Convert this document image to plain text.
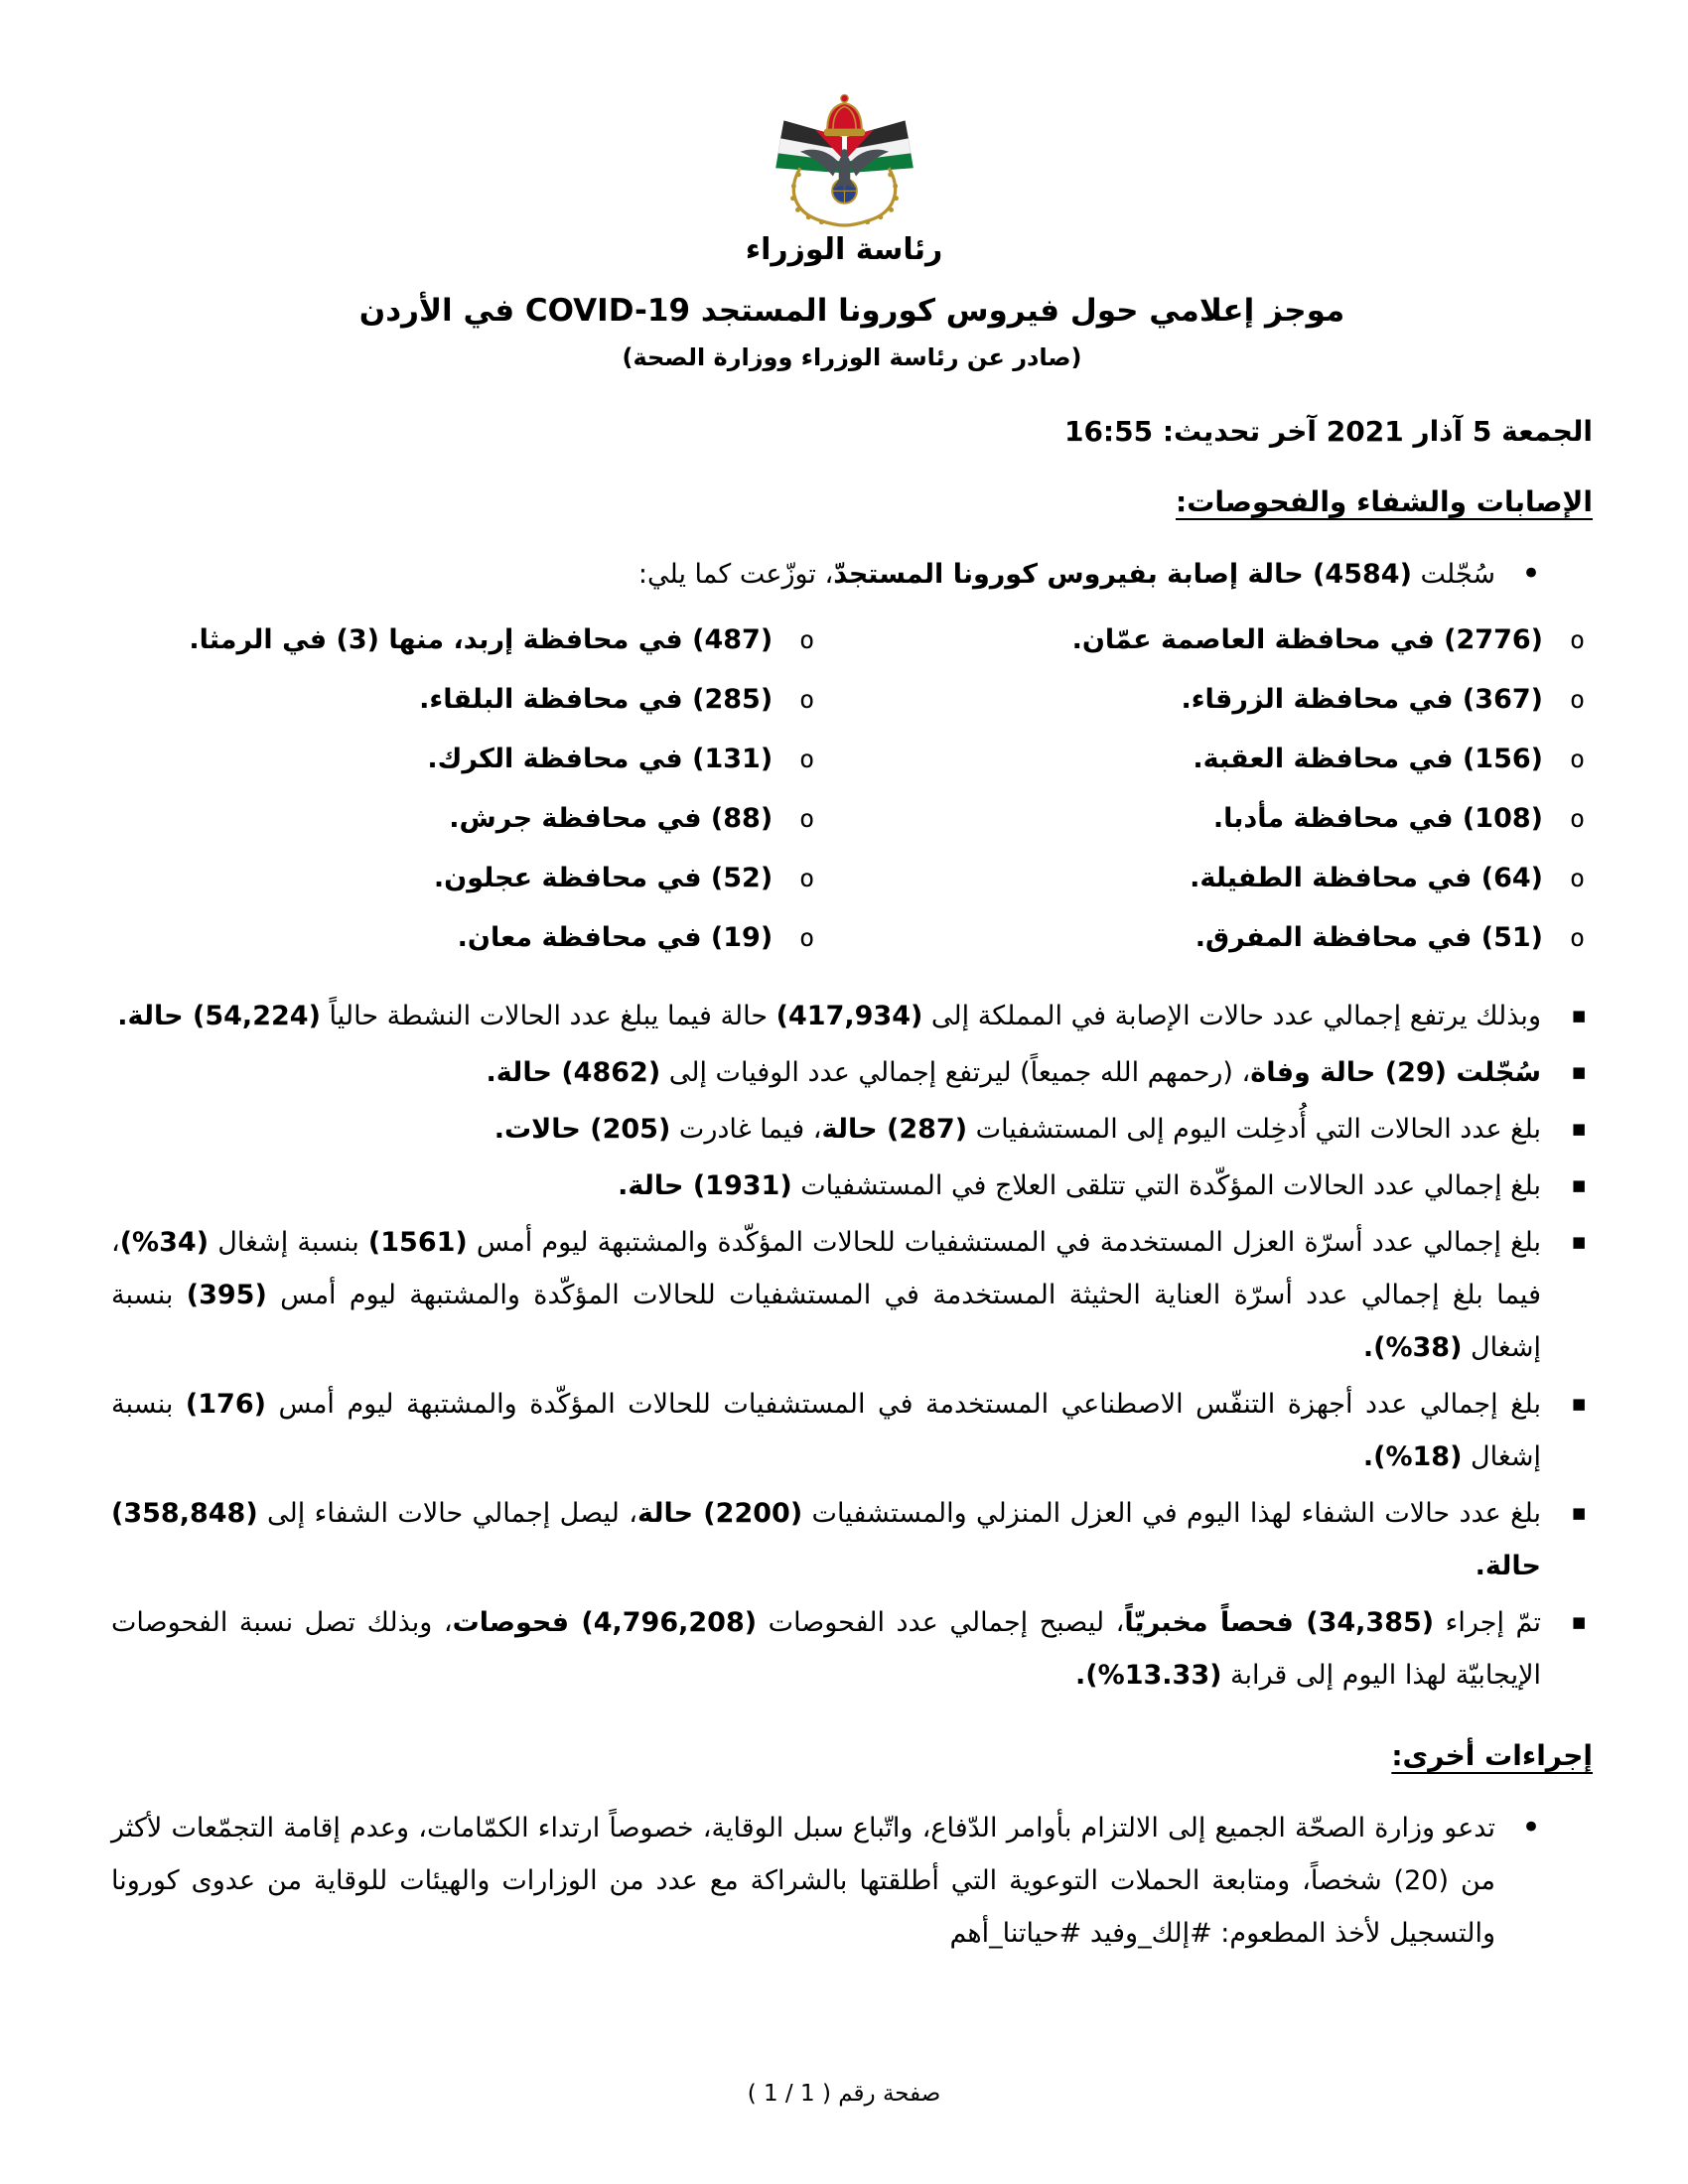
رئاسة الوزراء
موجز إعلامي حول فيروس كورونا المستجد COVID-19 في الأردن
(صادر عن رئاسة الوزراء ووزارة الصحة)
الجمعة 5 آذار 2021 آخر تحديث: 16:55
الإصابات والشفاء والفحوصات:
•
سُجّلت (4584) حالة إصابة بفيروس كورونا المستجدّ، توزّعت كما يلي:
o
(2776) في محافظة العاصمة عمّان.
o
(487) في محافظة إربد، منها (3) في الرمثا.
o
(367) في محافظة الزرقاء.
o
(285) في محافظة البلقاء.
o
(156) في محافظة العقبة.
o
(131) في محافظة الكرك.
o
(108) في محافظة مأدبا.
o
(88) في محافظة جرش.
o
(64) في محافظة الطفيلة.
o
(52) في محافظة عجلون.
o
(51) في محافظة المفرق.
o
(19) في محافظة معان.
▪
وبذلك يرتفع إجمالي عدد حالات الإصابة في المملكة إلى (417,934) حالة فيما يبلغ عدد الحالات النشطة حالياً (54,224) حالة.
▪
سُجّلت (29) حالة وفاة، (رحمهم الله جميعاً) ليرتفع إجمالي عدد الوفيات إلى (4862) حالة.
▪
بلغ عدد الحالات التي أُدخِلت اليوم إلى المستشفيات (287) حالة، فيما غادرت (205) حالات.
▪
بلغ إجمالي عدد الحالات المؤكّدة التي تتلقى العلاج في المستشفيات (1931) حالة.
▪
بلغ إجمالي عدد أسرّة العزل المستخدمة في المستشفيات للحالات المؤكّدة والمشتبهة ليوم أمس (1561) بنسبة إشغال (34%)، فيما بلغ إجمالي عدد أسرّة العناية الحثيثة المستخدمة في المستشفيات للحالات المؤكّدة والمشتبهة ليوم أمس (395) بنسبة إشغال (38%).
▪
بلغ إجمالي عدد أجهزة التنفّس الاصطناعي المستخدمة في المستشفيات للحالات المؤكّدة والمشتبهة ليوم أمس (176) بنسبة إشغال (18%).
▪
بلغ عدد حالات الشفاء لهذا اليوم في العزل المنزلي والمستشفيات (2200) حالة، ليصل إجمالي حالات الشفاء إلى (358,848) حالة.
▪
تمّ إجراء (34,385) فحصاً مخبريّاً، ليصبح إجمالي عدد الفحوصات (4,796,208) فحوصات، وبذلك تصل نسبة الفحوصات الإيجابيّة لهذا اليوم إلى قرابة (13.33%).
إجراءات أخرى:
•
تدعو وزارة الصحّة الجميع إلى الالتزام بأوامر الدّفاع، واتّباع سبل الوقاية، خصوصاً ارتداء الكمّامات، وعدم إقامة التجمّعات لأكثر من (20) شخصاً، ومتابعة الحملات التوعوية التي أطلقتها بالشراكة مع عدد من الوزارات والهيئات للوقاية من عدوى كورونا والتسجيل لأخذ المطعوم: #إلك_وفيد #حياتنا_أهم
صفحة رقم ( 1 / 1 )
